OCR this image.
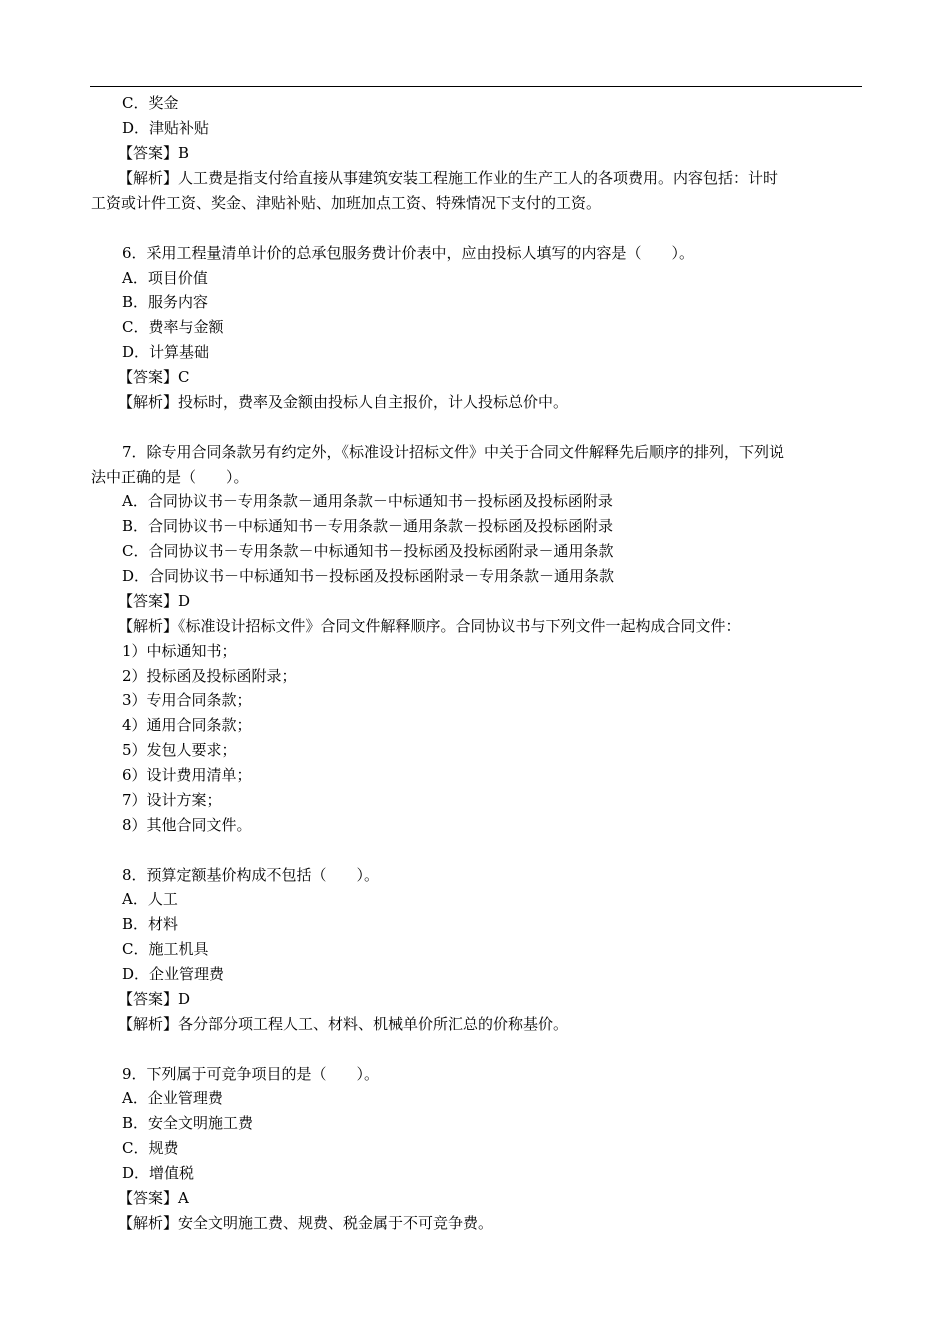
C．奖金
D．津贴补贴
【答案】B
【解析】人工费是指支付给直接从事建筑安装工程施工作业的生产工人的各项费用。内容包括：计时
工资或计件工资、奖金、津贴补贴、加班加点工资、特殊情况下支付的工资。
6．采用工程量清单计价的总承包服务费计价表中，应由投标人填写的内容是（　　）。
A．项目价值
B．服务内容
C．费率与金额
D．计算基础
【答案】C
【解析】投标时，费率及金额由投标人自主报价，计人投标总价中。
7．除专用合同条款另有约定外，《标准设计招标文件》中关于合同文件解释先后顺序的排列，下列说
法中正确的是（　　）。
A．合同协议书－专用条款－通用条款－中标通知书－投标函及投标函附录
B．合同协议书－中标通知书－专用条款－通用条款－投标函及投标函附录
C．合同协议书－专用条款－中标通知书－投标函及投标函附录－通用条款
D．合同协议书－中标通知书－投标函及投标函附录－专用条款－通用条款
【答案】D
【解析】《标准设计招标文件》合同文件解释顺序。合同协议书与下列文件一起构成合同文件：
1）中标通知书；
2）投标函及投标函附录；
3）专用合同条款；
4）通用合同条款；
5）发包人要求；
6）设计费用清单；
7）设计方案；
8）其他合同文件。
8．预算定额基价构成不包括（　　）。
A．人工
B．材料
C．施工机具
D．企业管理费
【答案】D
【解析】各分部分项工程人工、材料、机械单价所汇总的价称基价。
9．下列属于可竞争项目的是（　　）。
A．企业管理费
B．安全文明施工费
C．规费
D．增值税
【答案】A
【解析】安全文明施工费、规费、税金属于不可竞争费。
